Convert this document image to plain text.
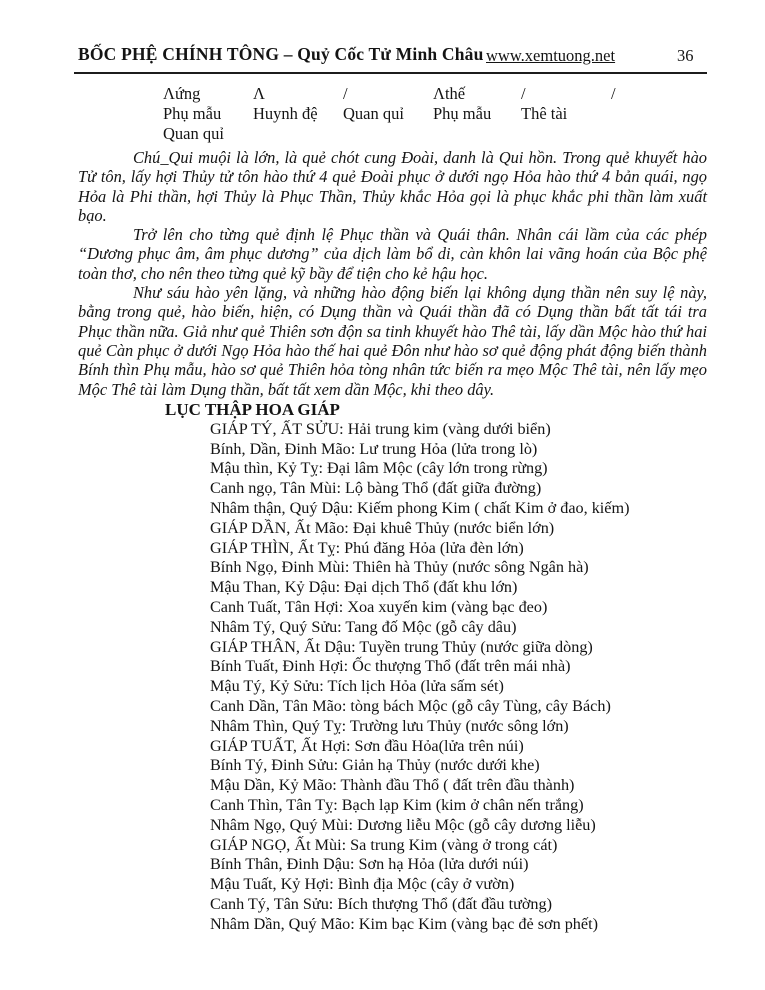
BỐC PHỆ CHÍNH TÔNG – Quỷ Cốc Tử Minh Châu www.xemtuong.net	36
Λứng	Λ	/	Λthế	/	/
Phụ mẫu	Huynh đệ	Quan quỉ	Phụ mẫu	Thê tài
Quan quỉ

Chú_Qui muội là lớn, là quẻ chót cung Đoài, danh là Qui hồn. Trong quẻ khuyết hào Tử tôn, lấy hợi Thủy tử tôn hào thứ 4 quẻ Đoài phục ở dưới ngọ Hỏa hào thứ 4 bản quái, ngọ Hỏa là Phi thần, hợi Thủy là Phục Thần, Thủy khắc Hỏa gọi là phục khắc phi thần làm xuất bạo.

Trở lên cho từng quẻ định lệ Phục thần và Quái thân. Nhân cái lầm của các phép “Dương phục âm, âm phục dương” của dịch làm bổ di, càn khôn lai vãng hoán của Bộc phệ toàn thơ, cho nên theo từng quẻ kỹ bầy để tiện cho kẻ hậu học.

Như sáu hào yên lặng, và những hào động biến lại không dụng thần nên suy lệ này, bằng trong quẻ, hào biến, hiện, có Dụng thần và Quái thần đã có Dụng thần bất tất tái tra Phục thần nữa. Giả như quẻ Thiên sơn độn sa tinh khuyết hào Thê tài, lấy dần Mộc hào thứ hai quẻ Càn phục ở dưới Ngọ Hỏa hào thế hai quẻ Đôn như hào sơ quẻ động phát động biến thành Bính thìn Phụ mẫu, hào sơ quẻ Thiên hỏa tòng nhân tức biến ra mẹo Mộc Thê tài, nên lấy mẹo Mộc Thê tài làm Dụng thần, bất tất xem dần Mộc, khi theo dây.

LỤC THẬP HOA GIÁP
GIÁP TÝ, ẤT SỬU: Hải trung kim (vàng dưới biển)
Bính, Dần, Đinh Mão: Lư trung Hỏa (lửa trong lò)
Mậu thìn, Kỷ Tỵ: Đại lâm Mộc (cây lớn trong rừng)
Canh ngọ, Tân Mùi: Lộ bàng Thổ (đất giữa đường)
Nhâm thận, Quý Dậu: Kiếm phong Kim ( chất Kim ở đao, kiếm)
GIÁP DẦN, Ất Mão: Đại khuê Thủy (nước biển lớn)
GIÁP THÌN, Ất Tỵ: Phú đăng Hỏa (lửa đèn lớn)
Bính Ngọ, Đinh Mùi: Thiên hà Thủy (nước sông Ngân hà)
Mậu Than, Kỷ Dậu: Đại dịch Thổ (đất khu lớn)
Canh Tuất, Tân Hợi: Xoa xuyến kim (vàng bạc đeo)
Nhâm Tý, Quý Sửu: Tang đố Mộc (gỗ cây dâu)
GIÁP THÂN, Ất Dậu: Tuyền trung Thủy (nước giữa dòng)
Bính Tuất, Đinh Hợi: Ốc thượng Thổ (đất trên mái nhà)
Mậu Tý, Kỷ Sửu: Tích lịch Hỏa (lửa sấm sét)
Canh Dần, Tân Mão: tòng bách Mộc (gỗ cây Tùng, cây Bách)
Nhâm Thìn, Quý Tỵ: Trường lưu Thủy (nước sông lớn)
GIÁP TUẤT, Ất Hợi: Sơn đầu Hỏa(lửa trên núi)
Bính Tý, Đinh Sửu: Giản hạ Thủy (nước dưới khe)
Mậu Dần, Kỷ Mão: Thành đầu Thổ ( đất trên đầu thành)
Canh Thìn, Tân Tỵ: Bạch lạp Kim (kim ở chân nến trắng)
Nhâm Ngọ, Quý Mùi: Dương liễu Mộc (gỗ cây dương liễu)
GIÁP NGỌ, Ất Mùi: Sa trung Kim (vàng ở trong cát)
Bính Thân, Đinh Dậu: Sơn hạ Hỏa (lửa dưới núi)
Mậu Tuất, Kỷ Hợi: Bình địa Mộc (cây ở vườn)
Canh Tý, Tân Sửu: Bích thượng Thổ (đất đầu tường)
Nhâm Dần, Quý Mão: Kim bạc Kim (vàng bạc đẻ sơn phết)
